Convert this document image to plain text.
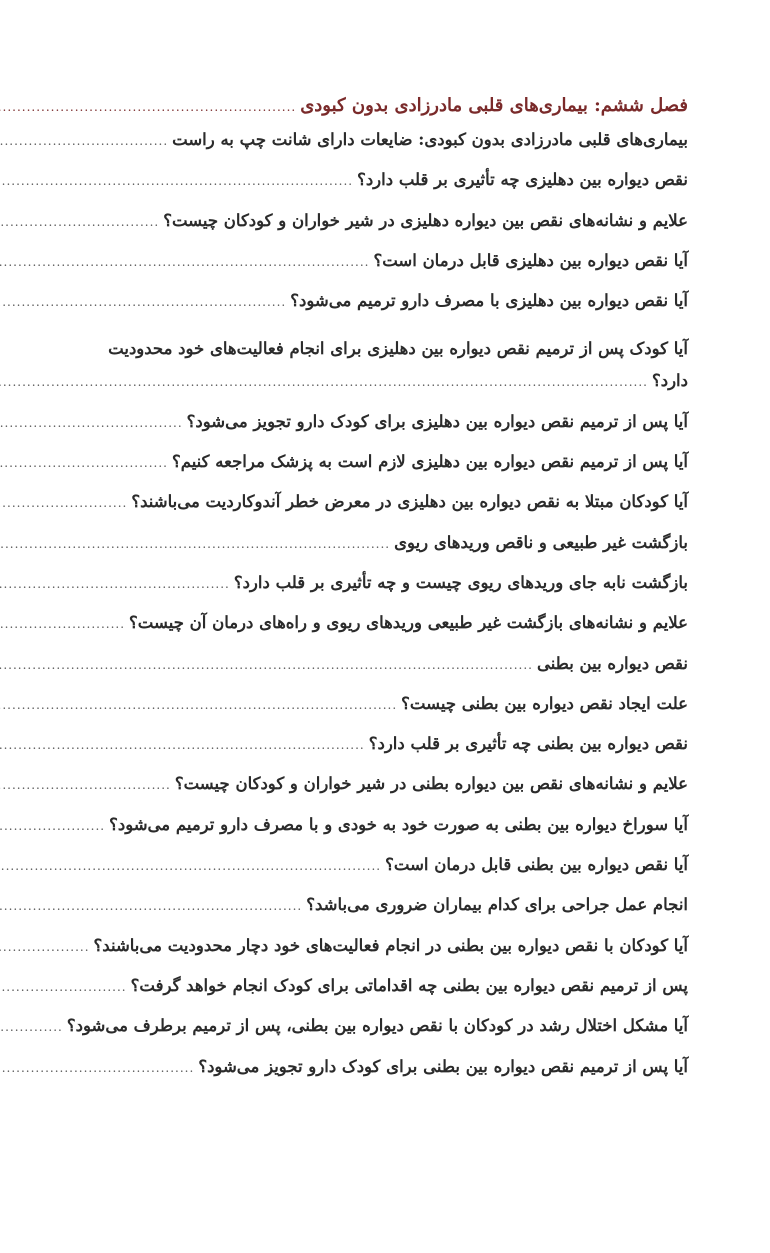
فصل ششم: بیماری‌های قلبی مادرزادی بدون کبودی
.....
بیماری‌های قلبی مادرزادی بدون کبودی: ضایعات دارای شانت چپ به راست
.....
نقص دیواره بین دهلیزی چه تأثیری بر قلب دارد؟
.....
علایم و نشانه‌های نقص بین دیواره دهلیزی در شیر خواران و کودکان چیست؟
.....
آیا نقص دیواره بین دهلیزی قابل درمان است؟
.....
آیا نقص دیواره بین دهلیزی با مصرف دارو ترمیم می‌شود؟
.....
آیا کودک پس از ترمیم نقص دیواره بین دهلیزی برای انجام فعالیت‌های خود محدودیت
دارد؟
.....
آیا پس از ترمیم نقص دیواره بین دهلیزی برای کودک دارو تجویز می‌شود؟
.....
آیا پس از ترمیم نقص دیواره بین دهلیزی لازم است به پزشک مراجعه کنیم؟
.....
آیا کودکان مبتلا به نقص دیواره بین دهلیزی در معرض خطر آندوکاردیت می‌باشند؟
.....
بازگشت غیر طبیعی و ناقص وریدهای ریوی
.....
بازگشت نابه جای وریدهای ریوی چیست و چه تأثیری بر قلب دارد؟
.....
علایم و نشانه‌های بازگشت غیر طبیعی وریدهای ریوی و راه‌های درمان آن چیست؟
.....
نقص دیواره بین بطنی
.....
علت ایجاد نقص دیواره بین بطنی چیست؟
.....
نقص دیواره بین بطنی چه تأثیری بر قلب دارد؟
.....
علایم و نشانه‌های نقص بین دیواره بطنی در شیر خواران و کودکان چیست؟
.....
آیا سوراخ دیواره بین بطنی به صورت خود به خودی و با مصرف دارو ترمیم می‌شود؟
.....
آیا نقص دیواره بین بطنی قابل درمان است؟
.....
انجام عمل جراحی برای کدام بیماران ضروری می‌باشد؟
.....
آیا کودکان با نقص دیواره بین بطنی در انجام فعالیت‌های خود دچار محدودیت می‌باشند؟
.....
پس از ترمیم نقص دیواره بین بطنی چه اقداماتی برای کودک انجام خواهد گرفت؟
.....
آیا مشکل اختلال رشد در کودکان با نقص دیواره بین بطنی، پس از ترمیم برطرف می‌شود؟
.....
آیا پس از ترمیم نقص دیواره بین بطنی برای کودک دارو تجویز می‌شود؟
.....
